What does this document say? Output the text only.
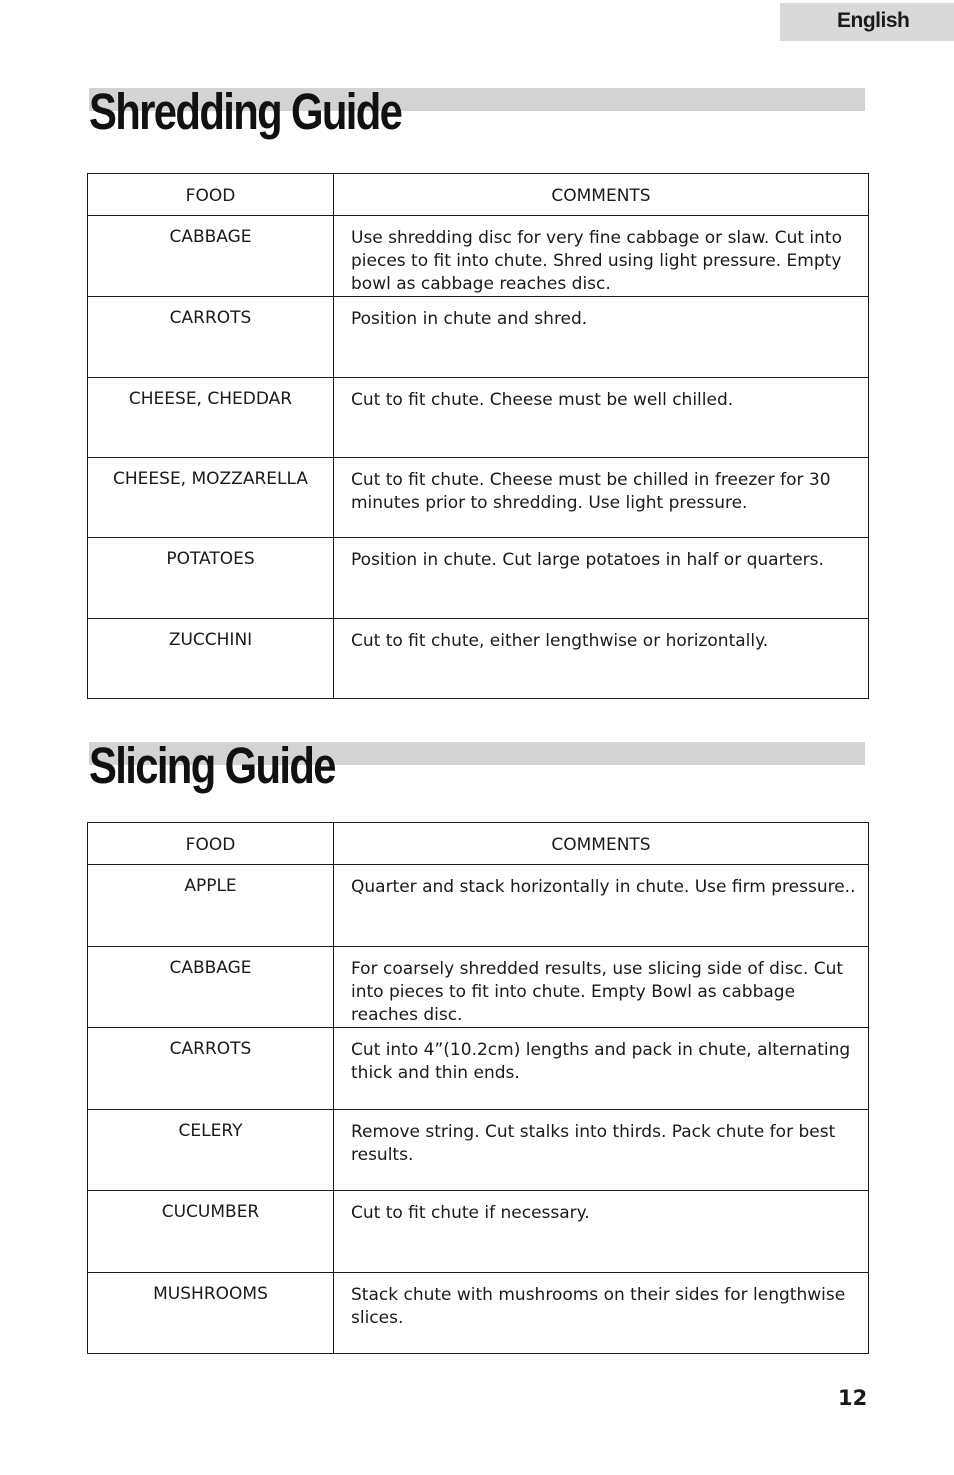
English
Shredding Guide
FOOD	COMMENTS
CABBAGE	Use shredding disc for very fine cabbage or slaw. Cut into pieces to fit into chute. Shred using light pressure. Empty bowl as cabbage reaches disc.
CARROTS	Position in chute and shred.
CHEESE, CHEDDAR	Cut to fit chute. Cheese must be well chilled.
CHEESE, MOZZARELLA	Cut to fit chute. Cheese must be chilled in freezer for 30 minutes prior to shredding. Use light pressure.
POTATOES	Position in chute. Cut large potatoes in half or quarters.
ZUCCHINI	Cut to fit chute, either lengthwise or horizontally.
Slicing Guide
FOOD	COMMENTS
APPLE	Quarter and stack horizontally in chute. Use firm pressure..
CABBAGE	For coarsely shredded results, use slicing side of disc. Cut into pieces to fit into chute. Empty Bowl as cabbage reaches disc.
CARROTS	Cut into 4”(10.2cm) lengths and pack in chute, alternating thick and thin ends.
CELERY	Remove string. Cut stalks into thirds. Pack chute for best results.
CUCUMBER	Cut to fit chute if necessary.
MUSHROOMS	Stack chute with mushrooms on their sides for lengthwise slices.
12
